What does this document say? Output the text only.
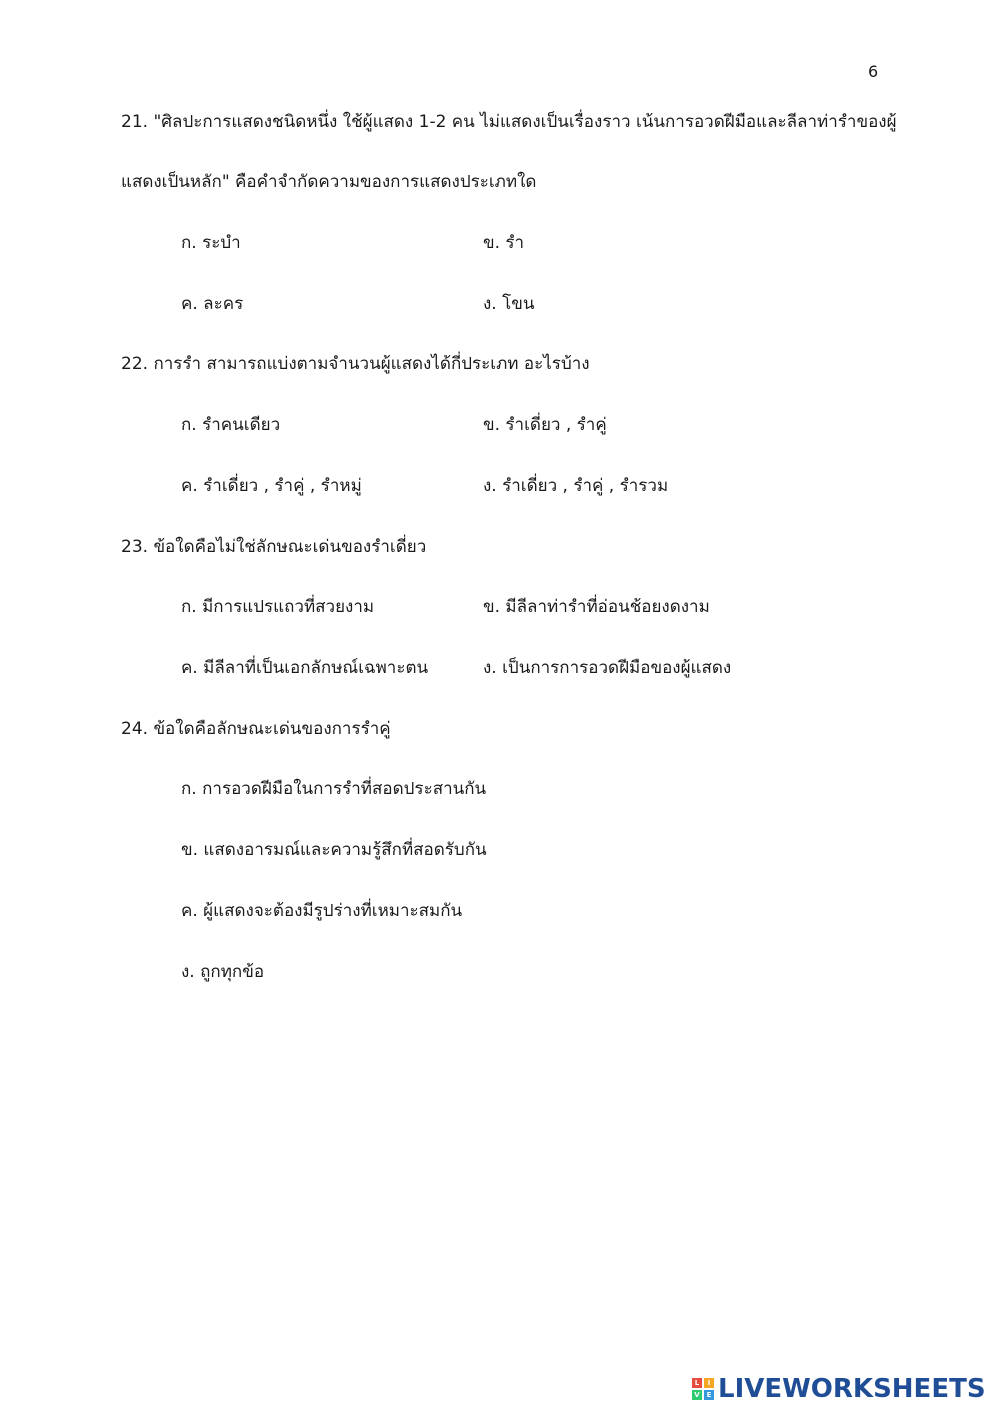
6
21. "ศิลปะการแสดงชนิดหนึ่ง ใช้ผู้แสดง 1-2 คน ไม่แสดงเป็นเรื่องราว เน้นการอวดฝีมือและลีลาท่ารำของผู้
แสดงเป็นหลัก" คือคำจำกัดความของการแสดงประเภทใด
ก. ระบำ	ข. รำ
ค. ละคร	ง. โขน
22. การรำ สามารถแบ่งตามจำนวนผู้แสดงได้กี่ประเภท อะไรบ้าง
ก. รำคนเดียว	ข. รำเดี่ยว , รำคู่
ค. รำเดี่ยว , รำคู่ , รำหมู่	ง. รำเดี่ยว , รำคู่ , รำรวม
23. ข้อใดคือไม่ใช่ลักษณะเด่นของรำเดี่ยว
ก. มีการแปรแถวที่สวยงาม	ข. มีลีลาท่ารำที่อ่อนช้อยงดงาม
ค. มีลีลาที่เป็นเอกลักษณ์เฉพาะตน	ง. เป็นการการอวดฝีมือของผู้แสดง
24. ข้อใดคือลักษณะเด่นของการรำคู่
ก. การอวดฝีมือในการรำที่สอดประสานกัน
ข. แสดงอารมณ์และความรู้สึกที่สอดรับกัน
ค. ผู้แสดงจะต้องมีรูปร่างที่เหมาะสมกัน
ง. ถูกทุกข้อ
L	I
V E LIVEWORKSHEETS
